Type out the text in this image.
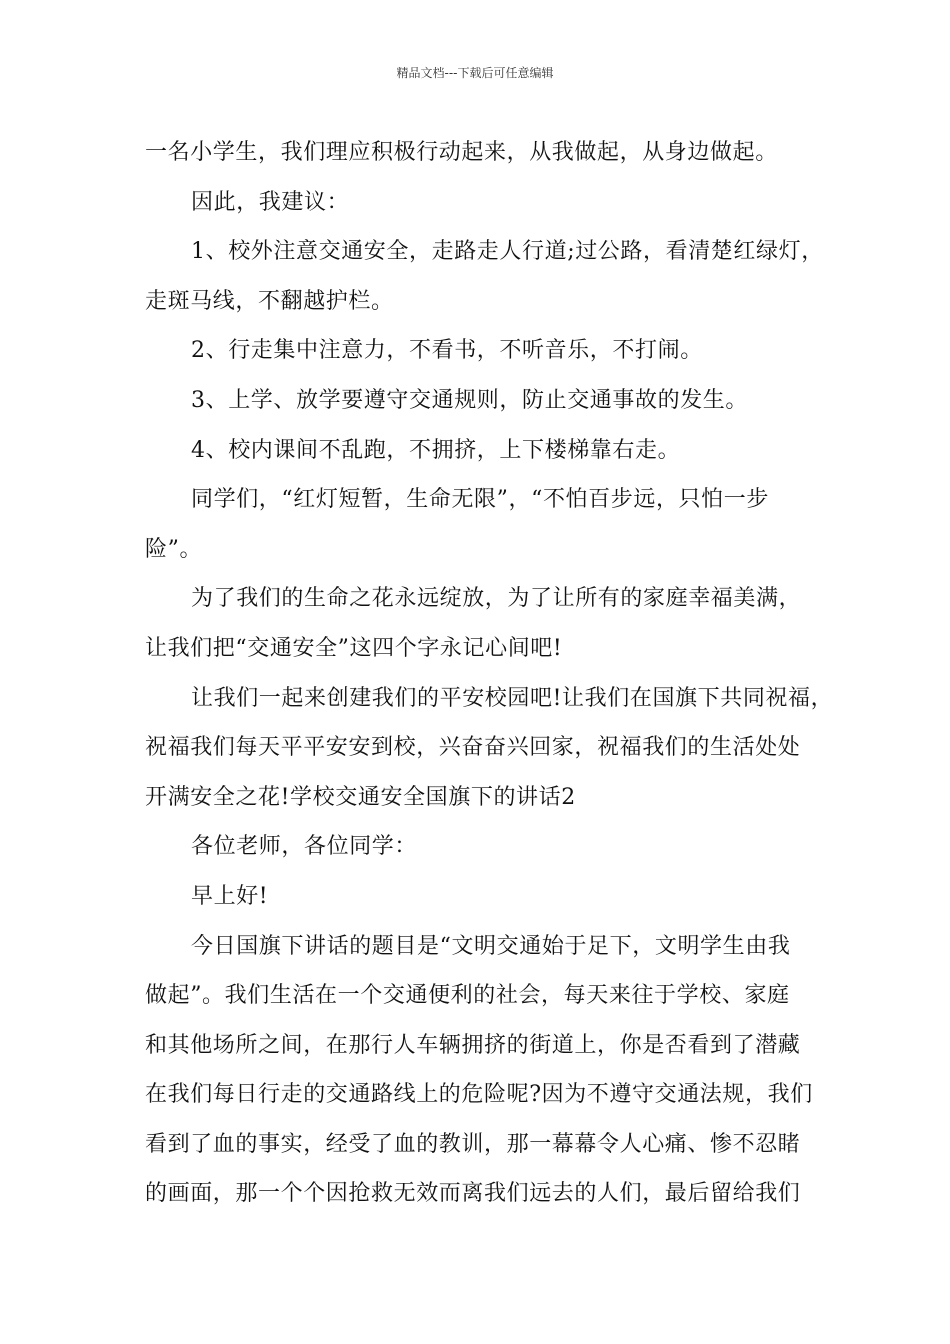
精品文档---下载后可任意编辑
一名小学生，我们理应积极行动起来，从我做起，从身边做起。
因此，我建议：
1、校外注意交通安全，走路走人行道;过公路，看清楚红绿灯，
走斑马线，不翻越护栏。
2、行走集中注意力，不看书，不听音乐，不打闹。
3、上学、放学要遵守交通规则，防止交通事故的发生。
4、校内课间不乱跑，不拥挤，上下楼梯靠右走。
同学们，“红灯短暂，生命无限”，“不怕百步远，只怕一步
险”。
为了我们的生命之花永远绽放，为了让所有的家庭幸福美满，
让我们把“交通安全”这四个字永记心间吧!
让我们一起来创建我们的平安校园吧!让我们在国旗下共同祝福，
祝福我们每天平平安安到校，兴奋奋兴回家，祝福我们的生活处处
开满安全之花!学校交通安全国旗下的讲话2
各位老师，各位同学：
早上好!
今日国旗下讲话的题目是“文明交通始于足下，文明学生由我
做起”。我们生活在一个交通便利的社会，每天来往于学校、家庭
和其他场所之间，在那行人车辆拥挤的街道上，你是否看到了潜藏
在我们每日行走的交通路线上的危险呢?因为不遵守交通法规，我们
看到了血的事实，经受了血的教训，那一幕幕令人心痛、惨不忍睹
的画面，那一个个因抢救无效而离我们远去的人们，最后留给我们
